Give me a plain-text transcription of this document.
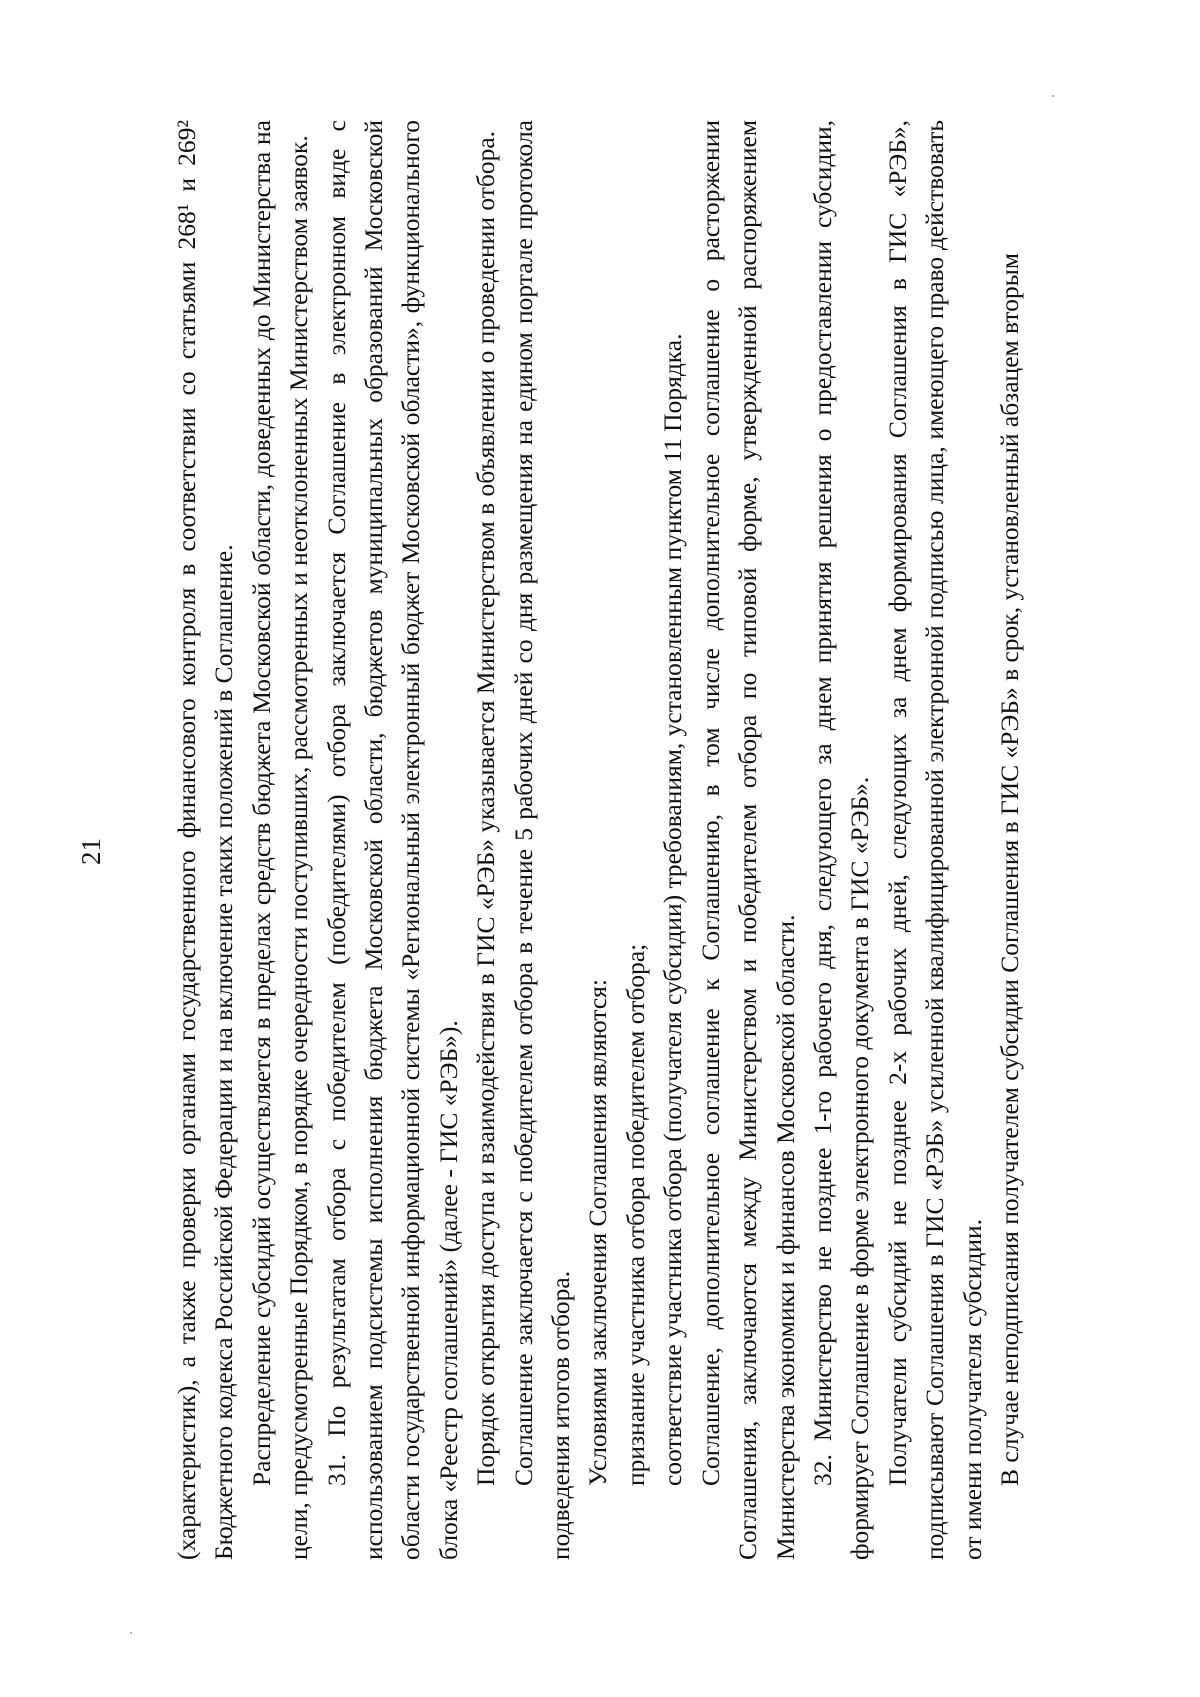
21	(характеристик), а также проверки органами государственного финансового контроля в соответствии со статьями 268¹ и 269² Бюджетного кодекса Российской Федерации и на включение таких положений в Соглашение. Распределение субсидий осуществляется в пределах средств бюджета Московской области, доведенных до Министерства на цели, предусмотренные Порядком, в порядке очередности поступивших, рассмотренных и неотклоненных Министерством заявок. 31. По результатам отбора с победителем (победителями) отбора заключается Соглашение в электронном виде с использованием подсистемы исполнения бюджета Московской области, бюджетов муниципальных образований Московской области государственной информационной системы «Региональный электронный бюджет Московской области», функционального блока «Реестр соглашений» (далее - ГИС «РЭБ»). Порядок открытия доступа и взаимодействия в ГИС «РЭБ» указывается Министерством в объявлении о проведении отбора. Соглашение заключается с победителем отбора в течение 5 рабочих дней со дня размещения на едином портале протокола подведения итогов отбора. Условиями заключения Соглашения являются: признание участника отбора победителем отбора; соответствие участника отбора (получателя субсидии) требованиям, установленным пунктом 11 Порядка. Соглашение, дополнительное соглашение к Соглашению, в том числе дополнительное соглашение о расторжении Соглашения, заключаются между Министерством и победителем отбора по типовой форме, утвержденной распоряжением Министерства экономики и финансов Московской области. 32. Министерство не позднее 1-го рабочего дня, следующего за днем принятия решения о предоставлении субсидии, формирует Соглашение в форме электронного документа в ГИС «РЭБ». Получатели субсидий не позднее 2-х рабочих дней, следующих за днем формирования Соглашения в ГИС «РЭБ», подписывают Соглашения в ГИС «РЭБ» усиленной квалифицированной электронной подписью лица, имеющего право действовать от имени получателя субсидии. В случае неподписания получателем субсидии Соглашения в ГИС «РЭБ» в срок, установленный абзацем вторым
